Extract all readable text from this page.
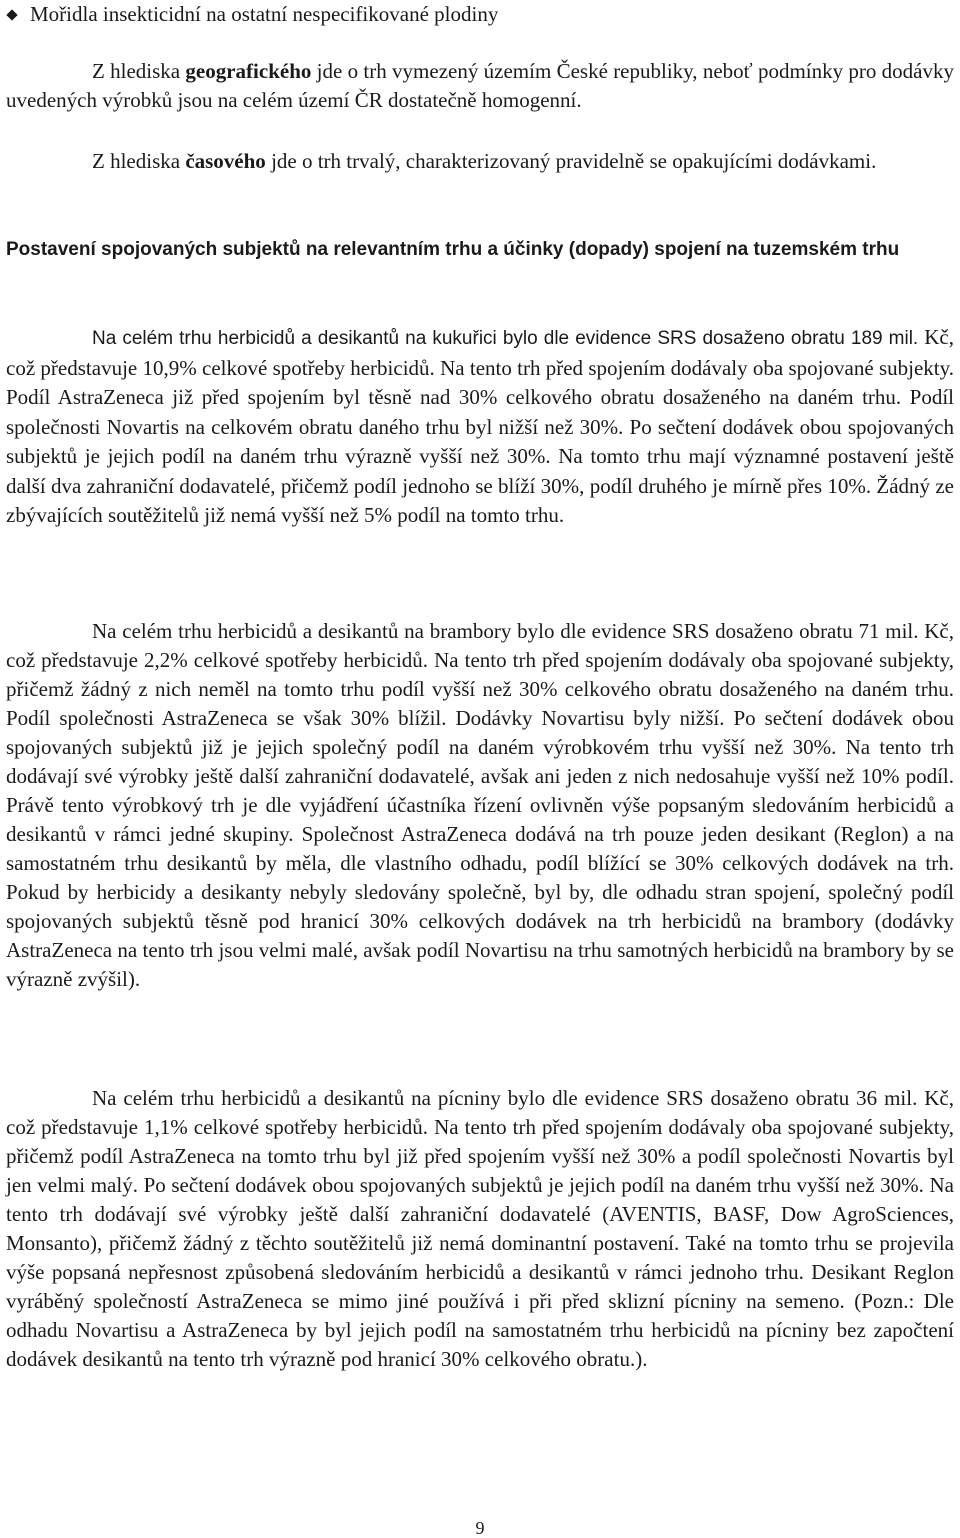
Mořidla insekticidní na ostatní nespecifikované plodiny

Z hlediska geografického jde o trh vymezený územím České republiky, neboť podmínky pro dodávky uvedených výrobků jsou na celém území ČR dostatečně homogenní.

Z hlediska časového jde o trh trvalý, charakterizovaný pravidelně se opakujícími dodávkami.

Postavení spojovaných subjektů na relevantním trhu a účinky (dopady) spojení na tuzemském trhu

Na celém trhu herbicidů a desikantů na kukuřici bylo dle evidence SRS dosaženo obratu 189 mil. Kč, což představuje 10,9% celkové spotřeby herbicidů. Na tento trh před spojením dodávaly oba spojované subjekty. Podíl AstraZeneca již před spojením byl těsně nad 30% celkového obratu dosaženého na daném trhu. Podíl společnosti Novartis na celkovém obratu daného trhu byl nižší než 30%. Po sečtení dodávek obou spojovaných subjektů je jejich podíl na daném trhu výrazně vyšší než 30%. Na tomto trhu mají významné postavení ještě další dva zahraniční dodavatelé, přičemž podíl jednoho se blíží 30%, podíl druhého je mírně přes 10%. Žádný ze zbývajících soutěžitelů již nemá vyšší než 5% podíl na tomto trhu.

Na celém trhu herbicidů a desikantů na brambory bylo dle evidence SRS dosaženo obratu 71 mil. Kč, což představuje 2,2% celkové spotřeby herbicidů. Na tento trh před spojením dodávaly oba spojované subjekty, přičemž žádný z nich neměl na tomto trhu podíl vyšší než 30% celkového obratu dosaženého na daném trhu. Podíl společnosti AstraZeneca se však 30% blížil. Dodávky Novartisu byly nižší. Po sečtení dodávek obou spojovaných subjektů již je jejich společný podíl na daném výrobkovém trhu vyšší než 30%. Na tento trh dodávají své výrobky ještě další zahraniční dodavatelé, avšak ani jeden z nich nedosahuje vyšší než 10% podíl. Právě tento výrobkový trh je dle vyjádření účastníka řízení ovlivněn výše popsaným sledováním herbicidů a desikantů v rámci jedné skupiny. Společnost AstraZeneca dodává na trh pouze jeden desikant (Reglon) a na samostatném trhu desikantů by měla, dle vlastního odhadu, podíl blížící se 30% celkových dodávek na trh. Pokud by herbicidy a desikanty nebyly sledovány společně, byl by, dle odhadu stran spojení, společný podíl spojovaných subjektů těsně pod hranicí 30% celkových dodávek na trh herbicidů na brambory (dodávky AstraZeneca na tento trh jsou velmi malé, avšak podíl Novartisu na trhu samotných herbicidů na brambory by se výrazně zvýšil).

Na celém trhu herbicidů a desikantů na pícniny bylo dle evidence SRS dosaženo obratu 36 mil. Kč, což představuje 1,1% celkové spotřeby herbicidů. Na tento trh před spojením dodávaly oba spojované subjekty, přičemž podíl AstraZeneca na tomto trhu byl již před spojením vyšší než 30% a podíl společnosti Novartis byl jen velmi malý. Po sečtení dodávek obou spojovaných subjektů je jejich podíl na daném trhu vyšší než 30%. Na tento trh dodávají své výrobky ještě další zahraniční dodavatelé (AVENTIS, BASF, Dow AgroSciences, Monsanto), přičemž žádný z těchto soutěžitelů již nemá dominantní postavení. Také na tomto trhu se projevila výše popsaná nepřesnost způsobená sledováním herbicidů a desikantů v rámci jednoho trhu. Desikant Reglon vyráběný společností AstraZeneca se mimo jiné používá i při před sklizní pícniny na semeno. (Pozn.: Dle odhadu Novartisu a AstraZeneca by byl jejich podíl na samostatném trhu herbicidů na pícniny bez započtení dodávek desikantů na tento trh výrazně pod hranicí 30% celkového obratu.).

9
